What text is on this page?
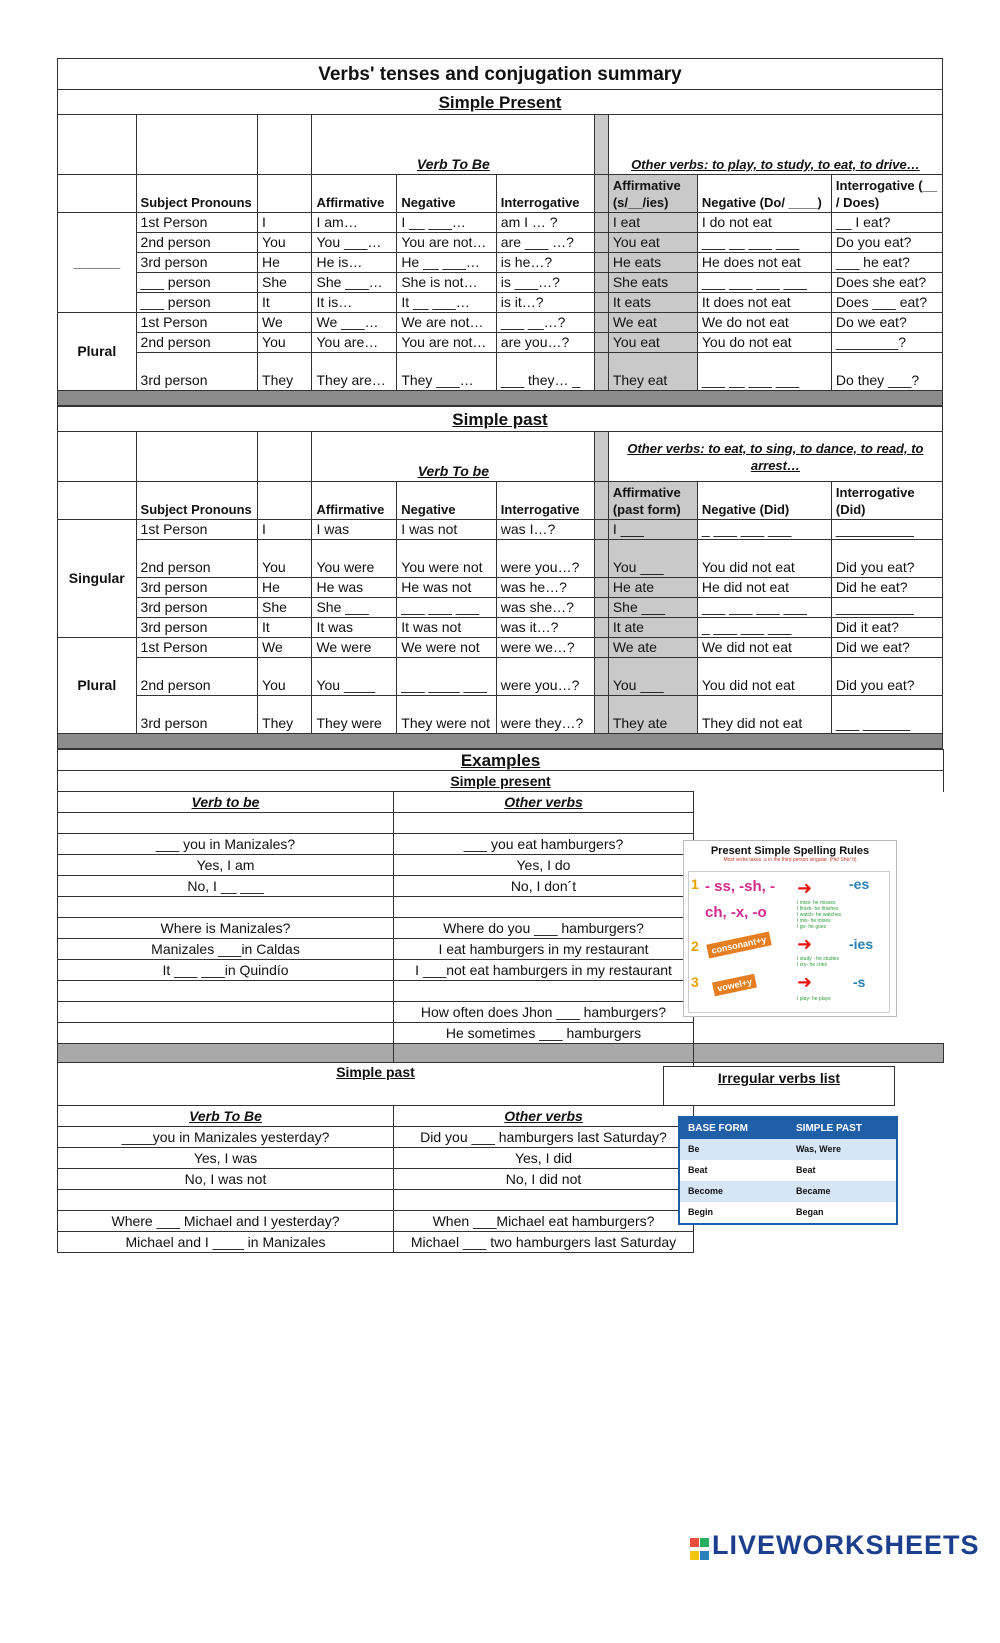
Verbs' tenses and conjugation summary									
Simple Present									
			Verb To Be				Other verbs: to play, to study, to eat, to drive…		
	Subject Pronouns		Affirmative	Negative	Interrogative		Affirmative (s/__/ies)	Negative (Do/ ____)	Interrogative (__ / Does)
______	1st Person	I	I am…	I __ ___…	am I … ?		I eat	I do not eat	__ I eat?
	2nd person	You	You ___…	You are not…	are ___ …?		You eat	___ __ ___ ___	Do you eat?
	3rd person	He	He is…	He __ ___…	is he…?		He eats	He does not eat	___ he eat?
	___ person	She	She ___…	She is not…	is ___…?		She eats	___ ___ ___ ___	Does she eat?
	___ person	It	It is…	It __ ___…	is it…?		It eats	It does not eat	Does ___ eat?
Plural	1st Person	We	We ___…	We are not…	___ __…?		We eat	We do not eat	Do we eat?
	2nd person	You	You are…	You are not…	are you…?		You eat	You do not eat	________?
	3rd person	They	They are…	They ___…	___ they… _		They eat	___ __ ___ ___	Do they ___?

Simple past									
			Verb To be				Other verbs: to eat, to sing, to dance, to read, to arrest…		
	Subject Pronouns		Affirmative	Negative	Interrogative		Affirmative (past form)	Negative (Did)	Interrogative (Did)
Singular	1st Person	I	I was	I was not	was I…?		I ___	_ ___ ___ ___	__________
	2nd person	You	You were	You were not	were you…?		You ___	You did not eat	Did you eat?
	3rd person	He	He was	He was not	was he…?		He ate	He did not eat	Did he eat?
	3rd person	She	She ___	___ ___ ___	was she…?		She ___	___ ___ ___ ___	__________
	3rd person	It	It was	It was not	was it…?		It ate	_ ___ ___ ___	Did it eat?
Plural	1st Person	We	We were	We were not	were we…?		We ate	We did not eat	Did we eat?
	2nd person	You	You ____	___ ____ ___	were you…?		You ___	You did not eat	Did you eat?
	3rd person	They	They were	They were not	were they…?		They ate	They did not eat	___ ______

Examples		
Simple present		
Verb to be	Other verbs	

___ you in Manizales?	___ you eat hamburgers?	
Yes, I am	Yes, I do	
No, I __ ___	No, I don´t	

Where is Manizales?	Where do you ___ hamburgers?	
Manizales ___in Caldas	I eat hamburgers in my restaurant	
It ___ ___in Quindío	I ___not eat hamburgers in my restaurant	

	How often does Jhon ___ hamburgers?	
	He sometimes ___ hamburgers	

Simple past		
Verb To Be	Other verbs	
____you in Manizales yesterday?	Did you ___ hamburgers last Saturday?	
Yes, I was	Yes, I did	
No, I was not	No, I did not	

Where ___ Michael and I yesterday?	When ___Michael eat hamburgers?	
Michael and I ____ in Manizales	Michael ___ two hamburgers last Saturday	
Present Simple Spelling Rules
Most verbs takes -s in the third person singular. (He/ She/ It)
1 - ss, -sh, -ch, -x, -o
➜	-es
I miss- he misses
I finish- he finishes
I watch- he watches
I mix- he mixes
I go- he goes
2	consonant+y ➜	-ies
I study - he studies
I cry- he cries
3	vowel+y ➜	-s
I play- he plays
Irregular verbs list
BASE FORM	SIMPLE PAST
Be	Was, Were
Beat	Beat
Become	Became
Begin	Began

LIVEWORKSHEETS
